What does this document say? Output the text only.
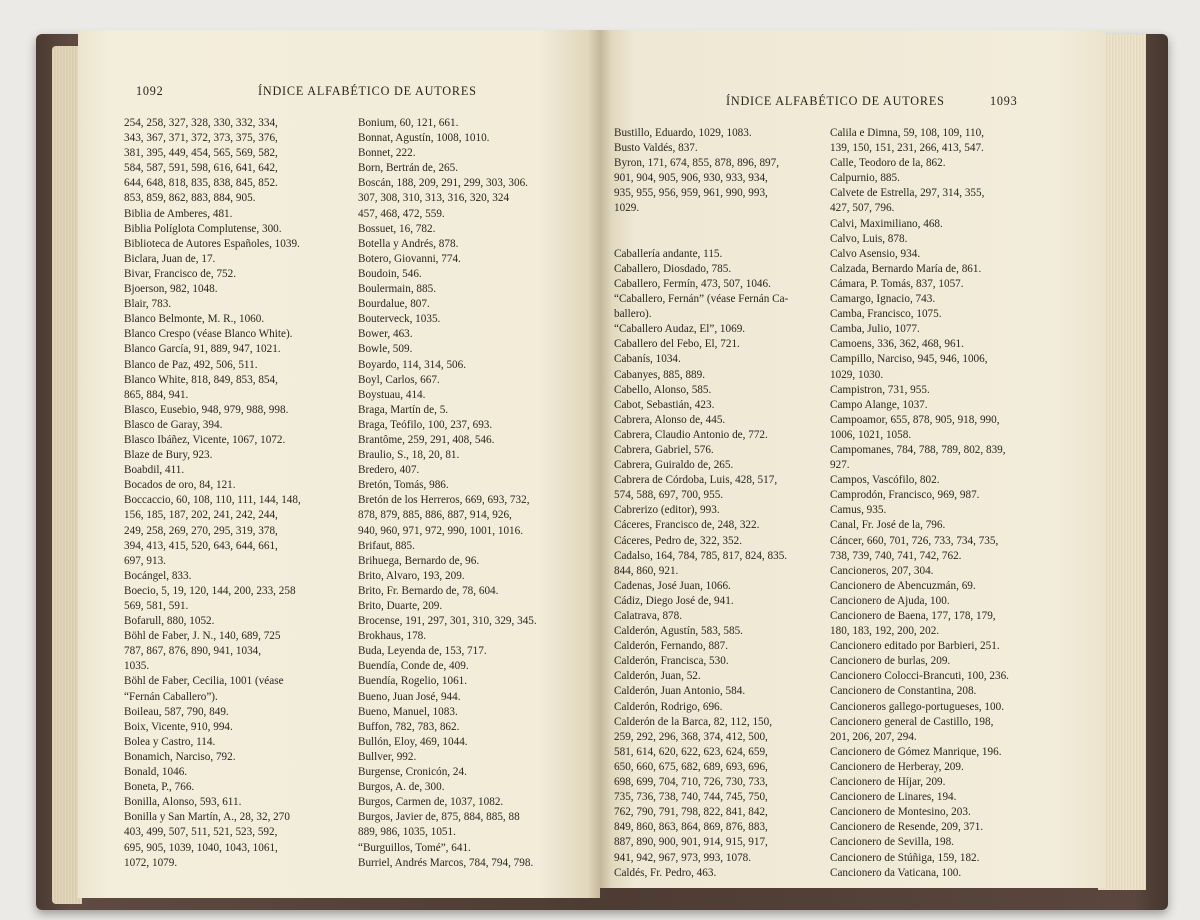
1092	ÍNDICE ALFABÉTICO DE AUTORES
254, 258, 327, 328, 330, 332, 334,
343, 367, 371, 372, 373, 375, 376,
381, 395, 449, 454, 565, 569, 582,
584, 587, 591, 598, 616, 641, 642,
644, 648, 818, 835, 838, 845, 852.
853, 859, 862, 883, 884, 905.
Biblia de Amberes, 481.
Biblia Políglota Complutense, 300.
Biblioteca de Autores Españoles, 1039.
Biclara, Juan de, 17.
Bivar, Francisco de, 752.
Bjoerson, 982, 1048.
Blair, 783.
Blanco Belmonte, M. R., 1060.
Blanco Crespo (véase Blanco White).
Blanco García, 91, 889, 947, 1021.
Blanco de Paz, 492, 506, 511.
Blanco White, 818, 849, 853, 854,
865, 884, 941.
Blasco, Eusebio, 948, 979, 988, 998.
Blasco de Garay, 394.
Blasco Ibáñez, Vicente, 1067, 1072.
Blaze de Bury, 923.
Boabdil, 411.
Bocados de oro, 84, 121.
Boccaccio, 60, 108, 110, 111, 144, 148,
156, 185, 187, 202, 241, 242, 244,
249, 258, 269, 270, 295, 319, 378,
394, 413, 415, 520, 643, 644, 661,
697, 913.
Bocángel, 833.
Boecio, 5, 19, 120, 144, 200, 233, 258
569, 581, 591.
Bofarull, 880, 1052.
Böhl de Faber, J. N., 140, 689, 725
787, 867, 876, 890, 941, 1034,
1035.
Böhl de Faber, Cecilia, 1001 (véase
“Fernán Caballero”).
Boileau, 587, 790, 849.
Boix, Vicente, 910, 994.
Bolea y Castro, 114.
Bonamich, Narciso, 792.
Bonald, 1046.
Boneta, P., 766.
Bonilla, Alonso, 593, 611.
Bonilla y San Martín, A., 28, 32, 270
403, 499, 507, 511, 521, 523, 592,
695, 905, 1039, 1040, 1043, 1061,
1072, 1079.
Bonium, 60, 121, 661.
Bonnat, Agustín, 1008, 1010.
Bonnet, 222.
Born, Bertrán de, 265.
Boscán, 188, 209, 291, 299, 303, 306.
307, 308, 310, 313, 316, 320, 324
457, 468, 472, 559.
Bossuet, 16, 782.
Botella y Andrés, 878.
Botero, Giovanni, 774.
Boudoin, 546.
Boulermain, 885.
Bourdalue, 807.
Bouterveck, 1035.
Bower, 463.
Bowle, 509.
Boyardo, 114, 314, 506.
Boyl, Carlos, 667.
Boystuau, 414.
Braga, Martín de, 5.
Braga, Teófilo, 100, 237, 693.
Brantôme, 259, 291, 408, 546.
Braulio, S., 18, 20, 81.
Bredero, 407.
Bretón, Tomás, 986.
Bretón de los Herreros, 669, 693, 732,
878, 879, 885, 886, 887, 914, 926,
940, 960, 971, 972, 990, 1001, 1016.
Brifaut, 885.
Brihuega, Bernardo de, 96.
Brito, Alvaro, 193, 209.
Brito, Fr. Bernardo de, 78, 604.
Brito, Duarte, 209.
Brocense, 191, 297, 301, 310, 329, 345.
Brokhaus, 178.
Buda, Leyenda de, 153, 717.
Buendía, Conde de, 409.
Buendía, Rogelio, 1061.
Bueno, Juan José, 944.
Bueno, Manuel, 1083.
Buffon, 782, 783, 862.
Bullón, Eloy, 469, 1044.
Bullver, 992.
Burgense, Cronicón, 24.
Burgos, A. de, 300.
Burgos, Carmen de, 1037, 1082.
Burgos, Javier de, 875, 884, 885, 88
889, 986, 1035, 1051.
“Burguillos, Tomé”, 641.
Burriel, Andrés Marcos, 784, 794, 798.
ÍNDICE ALFABÉTICO DE AUTORES	1093
Bustillo, Eduardo, 1029, 1083.
Busto Valdés, 837.
Byron, 171, 674, 855, 878, 896, 897,
901, 904, 905, 906, 930, 933, 934,
935, 955, 956, 959, 961, 990, 993,
1029.

Caballería andante, 115.
Caballero, Diosdado, 785.
Caballero, Fermín, 473, 507, 1046.
“Caballero, Fernán” (véase Fernán Ca-
ballero).
“Caballero Audaz, El”, 1069.
Caballero del Febo, El, 721.
Cabanís, 1034.
Cabanyes, 885, 889.
Cabello, Alonso, 585.
Cabot, Sebastián, 423.
Cabrera, Alonso de, 445.
Cabrera, Claudio Antonio de, 772.
Cabrera, Gabriel, 576.
Cabrera, Guiraldo de, 265.
Cabrera de Córdoba, Luis, 428, 517,
574, 588, 697, 700, 955.
Cabrerizo (editor), 993.
Cáceres, Francisco de, 248, 322.
Cáceres, Pedro de, 322, 352.
Cadalso, 164, 784, 785, 817, 824, 835.
844, 860, 921.
Cadenas, José Juan, 1066.
Cádiz, Diego José de, 941.
Calatrava, 878.
Calderón, Agustín, 583, 585.
Calderón, Fernando, 887.
Calderón, Francisca, 530.
Calderón, Juan, 52.
Calderón, Juan Antonio, 584.
Calderón, Rodrigo, 696.
Calderón de la Barca, 82, 112, 150,
259, 292, 296, 368, 374, 412, 500,
581, 614, 620, 622, 623, 624, 659,
650, 660, 675, 682, 689, 693, 696,
698, 699, 704, 710, 726, 730, 733,
735, 736, 738, 740, 744, 745, 750,
762, 790, 791, 798, 822, 841, 842,
849, 860, 863, 864, 869, 876, 883,
887, 890, 900, 901, 914, 915, 917,
941, 942, 967, 973, 993, 1078.
Caldés, Fr. Pedro, 463.
Calila e Dimna, 59, 108, 109, 110,
139, 150, 151, 231, 266, 413, 547.
Calle, Teodoro de la, 862.
Calpurnio, 885.
Calvete de Estrella, 297, 314, 355,
427, 507, 796.
Calvi, Maximiliano, 468.
Calvo, Luis, 878.
Calvo Asensio, 934.
Calzada, Bernardo María de, 861.
Cámara, P. Tomás, 837, 1057.
Camargo, Ignacio, 743.
Camba, Francisco, 1075.
Camba, Julio, 1077.
Camoens, 336, 362, 468, 961.
Campillo, Narciso, 945, 946, 1006,
1029, 1030.
Campistron, 731, 955.
Campo Alange, 1037.
Campoamor, 655, 878, 905, 918, 990,
1006, 1021, 1058.
Campomanes, 784, 788, 789, 802, 839,
927.
Campos, Vascófilo, 802.
Camprodón, Francisco, 969, 987.
Camus, 935.
Canal, Fr. José de la, 796.
Cáncer, 660, 701, 726, 733, 734, 735,
738, 739, 740, 741, 742, 762.
Cancioneros, 207, 304.
Cancionero de Abencuzmán, 69.
Cancionero de Ajuda, 100.
Cancionero de Baena, 177, 178, 179,
180, 183, 192, 200, 202.
Cancionero editado por Barbieri, 251.
Cancionero de burlas, 209.
Cancionero Colocci-Brancuti, 100, 236.
Cancionero de Constantina, 208.
Cancioneros gallego-portugueses, 100.
Cancionero general de Castillo, 198,
201, 206, 207, 294.
Cancionero de Gómez Manrique, 196.
Cancionero de Herberay, 209.
Cancionero de Híjar, 209.
Cancionero de Linares, 194.
Cancionero de Montesino, 203.
Cancionero de Resende, 209, 371.
Cancionero de Sevilla, 198.
Cancionero de Stúñiga, 159, 182.
Cancionero da Vaticana, 100.
